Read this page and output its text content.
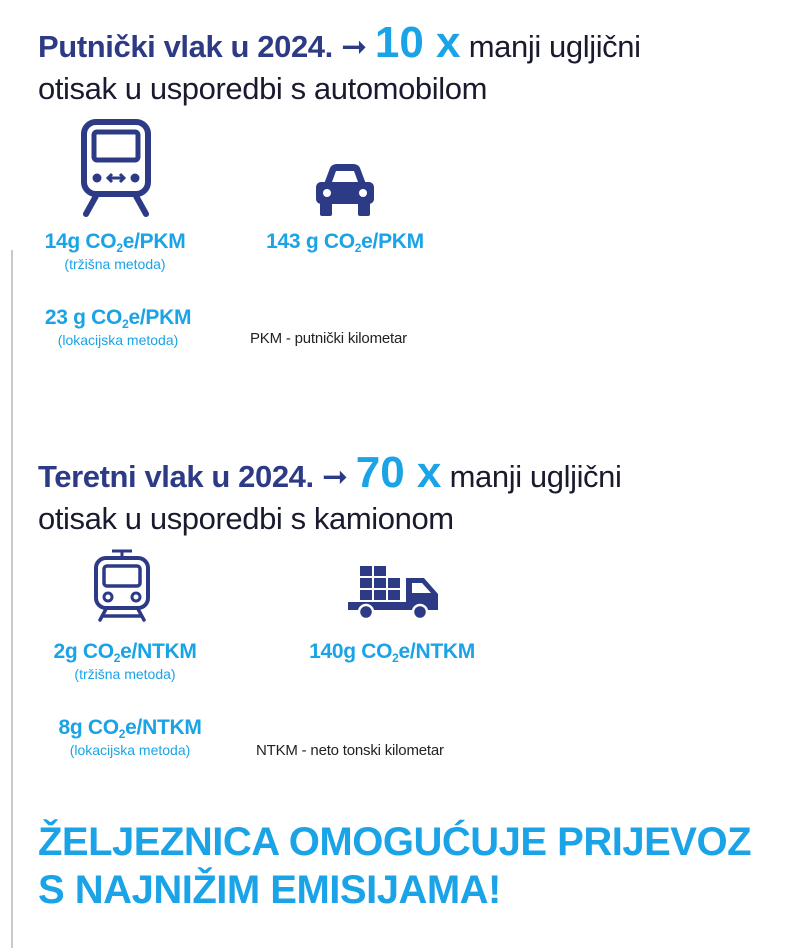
Putnički vlak u 2024. ➞ 10 x manji ugljični
otisak u usporedbi s automobilom
14g $CO_2e$/PKM
(tržišna metoda)
143 g $CO_2e$/PKM
23 g $CO_2e$/PKM
(lokacijska metoda)	PKM - putnički kilometar
Teretni vlak u 2024. ➞ 70 x manji ugljični
otisak u usporedbi s kamionom
2g $CO_2e$/NTKM
(tržišna metoda)
140g $CO_2e$/NTKM
8g $CO_2e$/NTKM
(lokacijska metoda)	NTKM - neto tonski kilometar
ŽELJEZNICA OMOGUĆUJE PRIJEVOZ
S NAJNIŽIM EMISIJAMA!
